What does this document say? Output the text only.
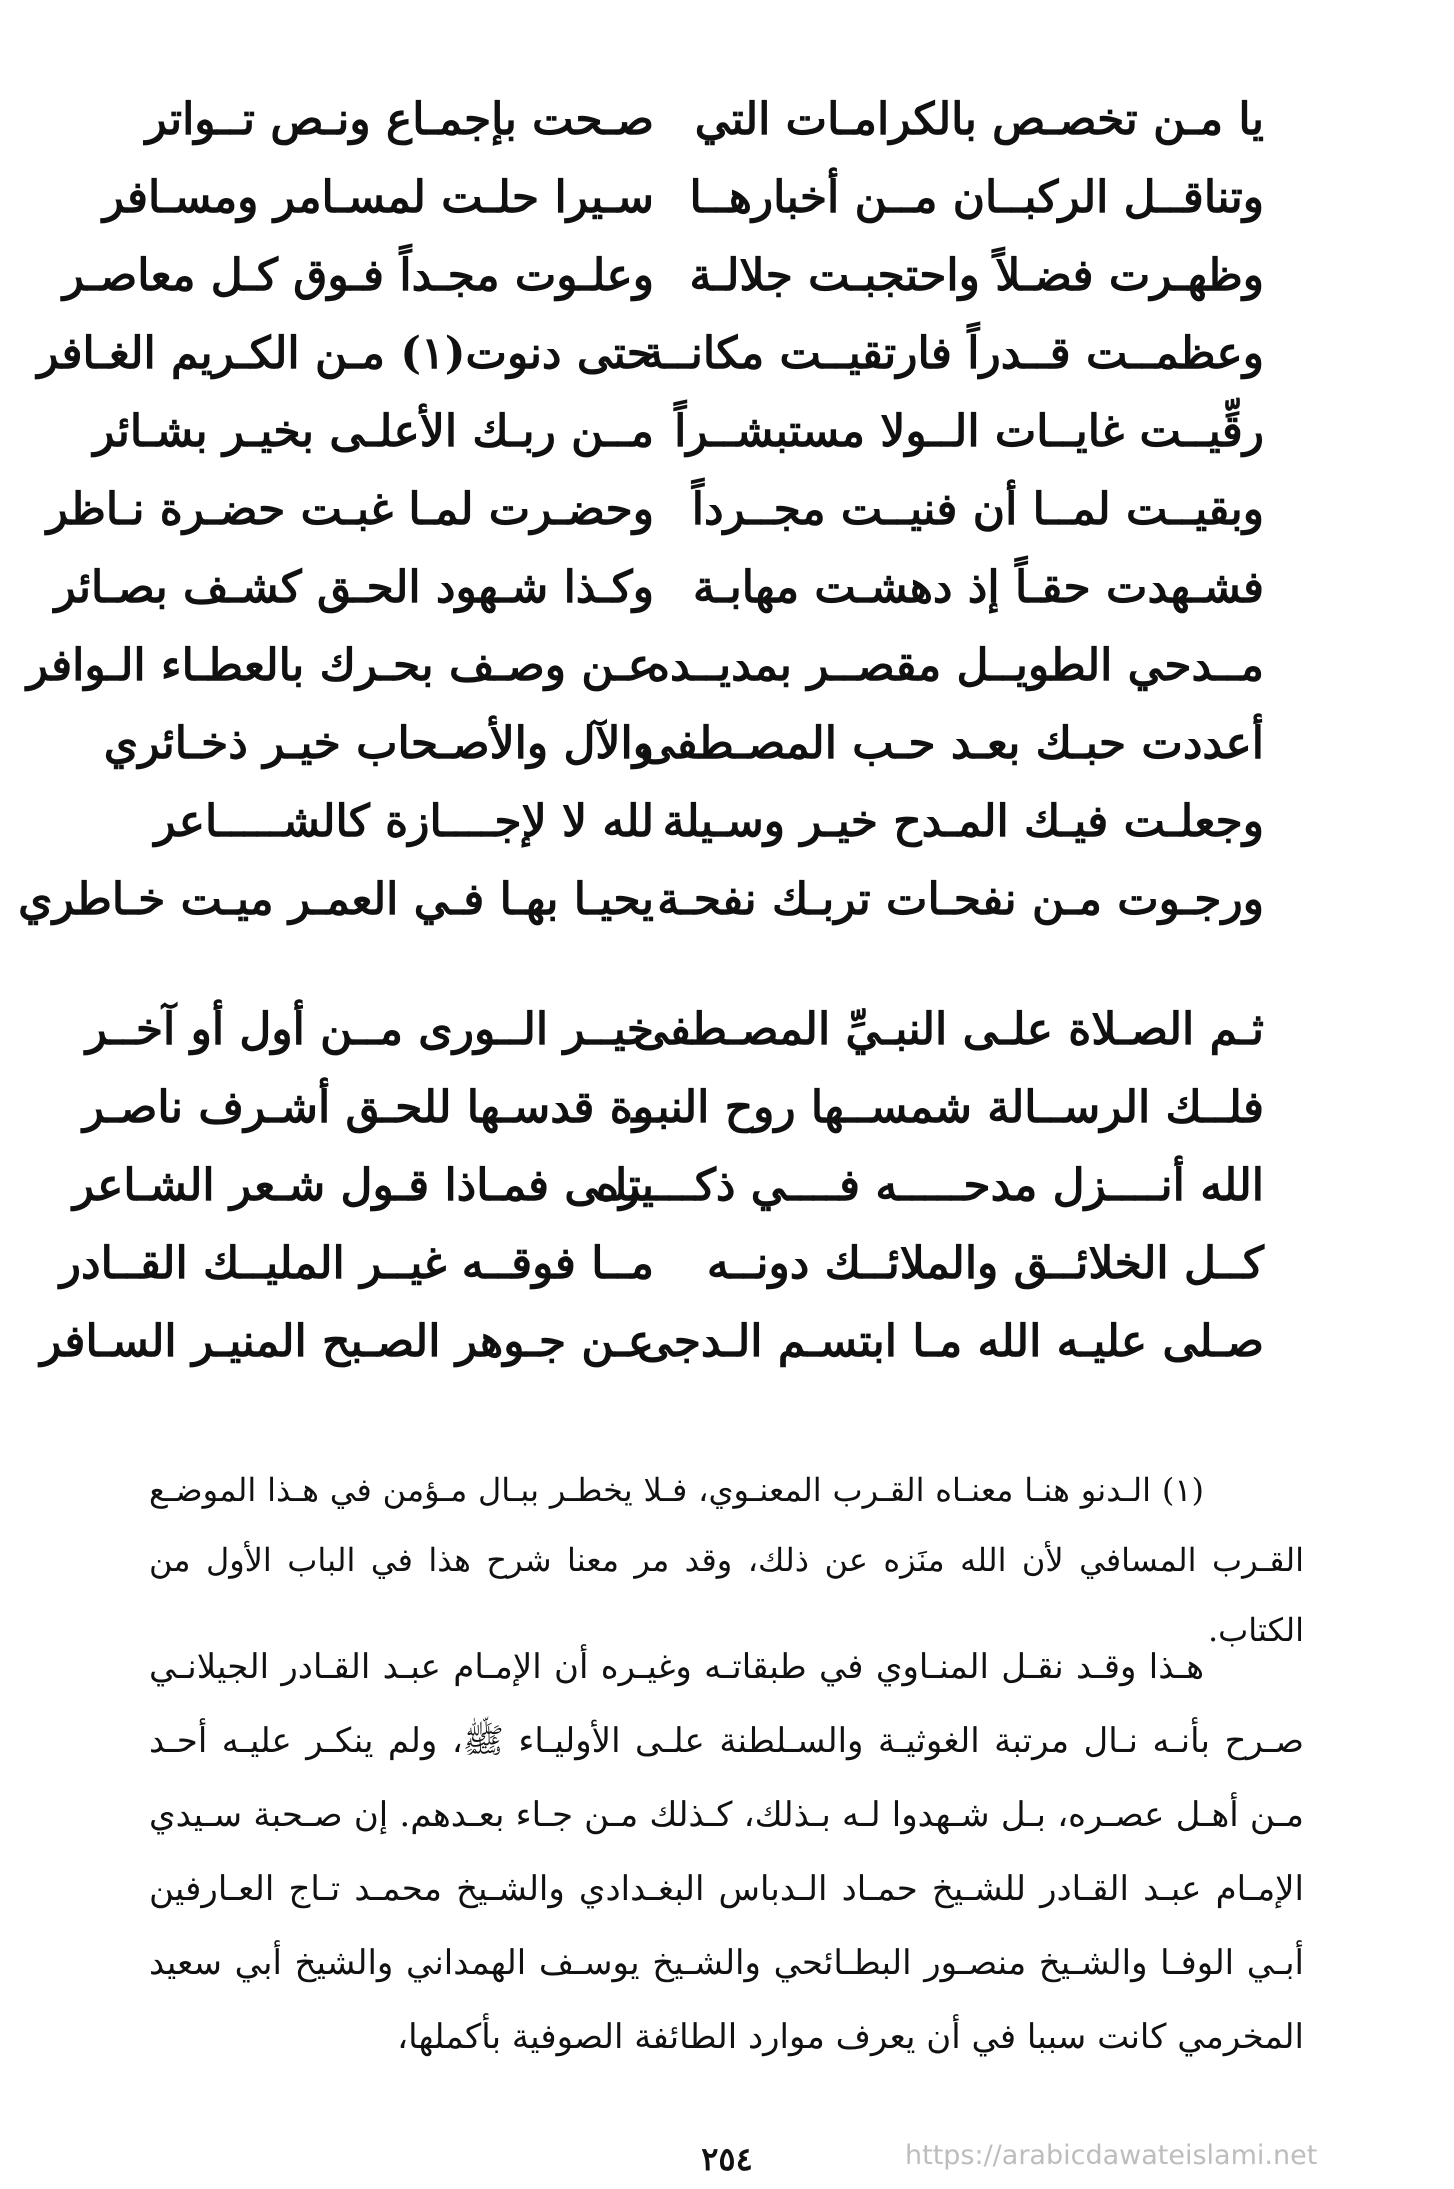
يا مـن تخصـص بالكرامـات التي
صـحت بإجمـاع ونـص تــواتر
وتناقــل الركبــان مــن أخبارهــا
سـيرا حلـت لمسـامر ومسـافر
وظهـرت فضـلاً واحتجبـت جلالـة
وعلـوت مجـداً فـوق كـل معاصـر
وعظمــت قــدراً فارتقيــت مكانــة
حتى دنوت(١) مـن الكـريم الغـافر
رقِّيــت غايــات الــولا مستبشــراً
مــن ربـك الأعلـى بخيـر بشـائر
وبقيــت لمــا أن فنيــت مجــرداً
وحضـرت لمـا غبـت حضـرة نـاظر
فشـهدت حقـاً إذ دهشـت مهابـة
وكـذا شـهود الحـق كشـف بصـائر
مــدحي الطويــل مقصــر بمديــده
عـن وصـف بحـرك بالعطـاء الـوافر
أعددت حبـك بعـد حـب المصـطفى
والآل والأصـحاب خيـر ذخـائري
وجعلـت فيـك المـدح خيـر وسـيلة
لله لا لإجــــازة كالشـــــاعر
ورجـوت مـن نفحـات تربـك نفحـة
يحيـا بهـا فـي العمـر ميـت خـاطري
ثـم الصـلاة علـى النبـيِّ المصـطفى
خيــر الــورى مــن أول أو آخــر
فلــك الرســالة شمســها روح النبــ
وة قدسـها للحـق أشـرف ناصـر
الله أنــــزل مدحـــــه فــــي ذكــــره
يتلـى فمـاذا قـول شـعر الشـاعر
كــل الخلائــق والملائــك دونــه
مــا فوقــه غيــر المليــك القــادر
صـلى عليـه الله مـا ابتسـم الـدجى
عـن جـوهر الصـبح المنيـر السـافر
(١) الـدنو هنـا معنـاه القـرب المعنـوي، فـلا يخطـر ببـال مـؤمن في هـذا الموضـع القـرب المسافي لأن الله منَزه عن ذلك، وقد مر معنا شرح هذا في الباب الأول من الكتاب.
هـذا وقـد نقـل المنـاوي في طبقاتـه وغيـره أن الإمـام عبـد القـادر الجيلانـي صـرح بأنـه نـال مرتبة الغوثيـة والسـلطنة علـى الأوليـاء ﷺ، ولم ينكـر عليـه أحـد مـن أهـل عصـره، بـل شـهدوا لـه بـذلك، كـذلك مـن جـاء بعـدهم. إن صـحبة سـيدي الإمـام عبـد القـادر للشـيخ حمـاد الـدباس البغـدادي والشـيخ محمـد تـاج العـارفين أبـي الوفـا والشـيخ منصـور البطـائحي والشـيخ يوسـف الهمداني والشيخ أبي سعيد المخرمي كانت سببا في أن يعرف موارد الطائفة الصوفية بأكملها،
٢٥٤	https://arabicdawateislami.net
